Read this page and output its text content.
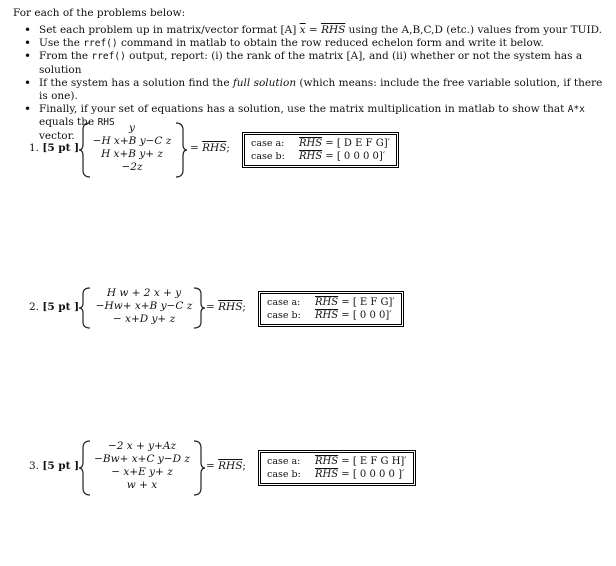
For each of the problems below:
• Set each problem up in matrix/vector format [A] $\overline{x} = \overline{RHS}$ using the A,B,C,D (etc.) values from your TUID.
• Use the rref() command in matlab to obtain the row reduced echelon form and write it below.
• From the rref() output, report: (i) the rank of the matrix [A], and (ii) whether or not the system has a solution
• If the system has a solution find the full solution (which means: include the free variable solution, if there is one).
• Finally, if your set of equations has a solution, use the matrix multiplication in matlab to show that A*x equals the RHS
vector.
1. [5 pt ]
y
−H x+B y−C z
H x+B y+ z
−2z
= $\overline{RHS}$; case a: $\overline{RHS}$ = [ D E F G]′
case b: $\overline{RHS}$ = [ 0 0 0 0]′
2. [5 pt ]
H w + 2 x + y
−Hw+ x+B y−C z
− x+D y+ z
= $\overline{RHS}$; case a: $\overline{RHS}$ = [ E F G]′
case b: $\overline{RHS}$ = [ 0 0 0]′
3. [5 pt ]
−2 x + y+Az
−Bw+ x+C y−D z
− x+E y+ z
w + x
= $\overline{RHS}$; case a: $\overline{RHS}$ = [ E F G H]′
case b: $\overline{RHS}$ = [ 0 0 0 0 ]′
